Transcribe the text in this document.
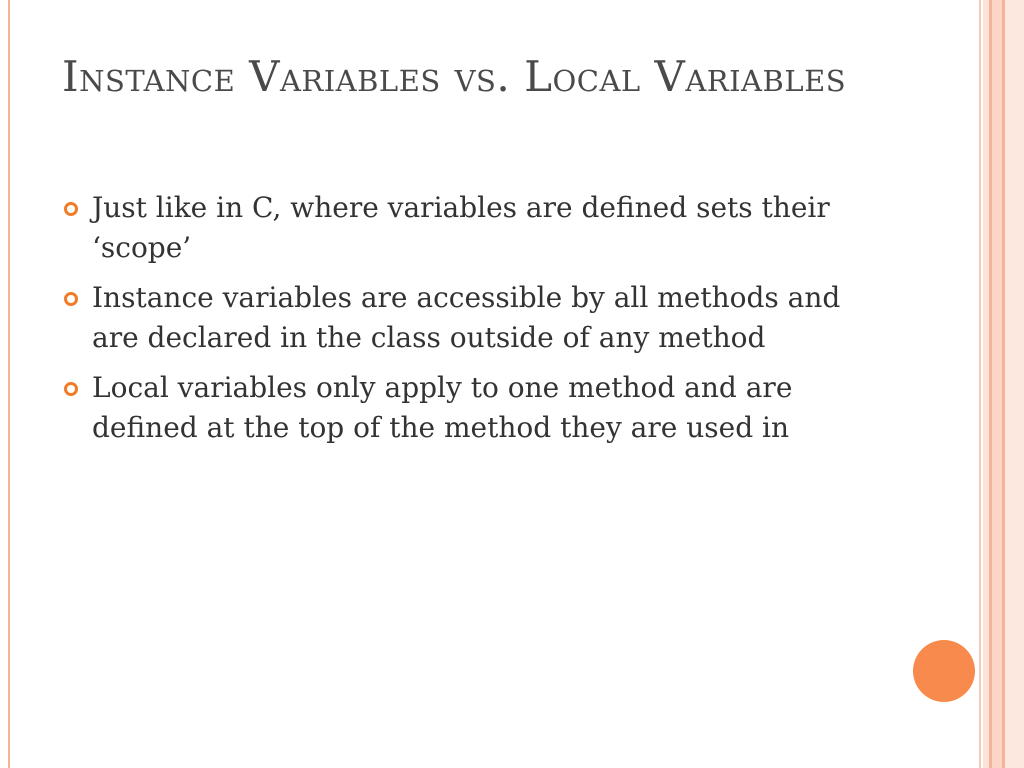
Instance Variables vs. Local Variables
Just like in C, where variables are defined sets their ‘scope’
Instance variables are accessible by all methods and are declared in the class outside of any method
Local variables only apply to one method and are defined at the top of the method they are used in
